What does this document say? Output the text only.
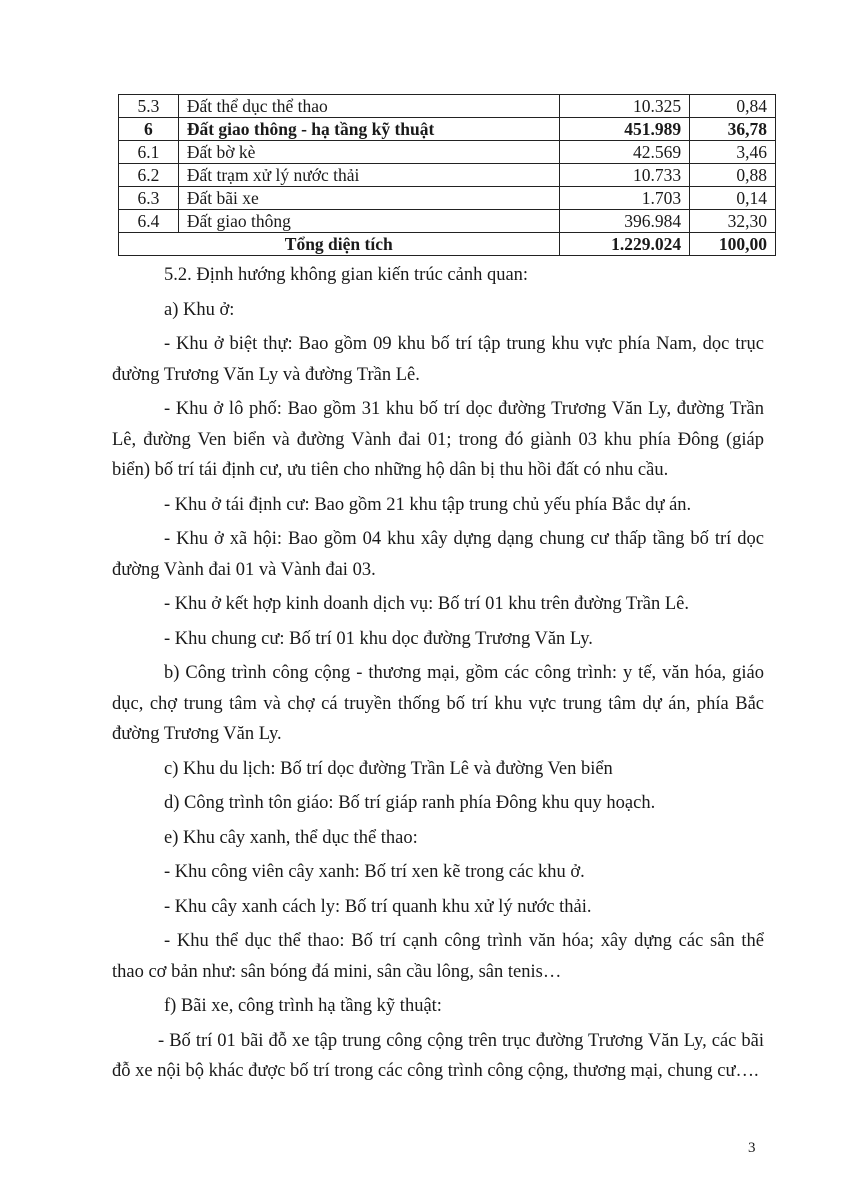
5.3	Đất thể dục thể thao	10.325	0,84
6	Đất giao thông - hạ tầng kỹ thuật	451.989	36,78
6.1	Đất bờ kè	42.569	3,46
6.2	Đất trạm xử lý nước thải	10.733	0,88
6.3	Đất bãi xe	1.703	0,14
6.4	Đất giao thông	396.984	32,30
Tổng diện tích		1.229.024	100,00

5.2. Định hướng không gian kiến trúc cảnh quan:

a) Khu ở:

- Khu ở biệt thự: Bao gồm 09 khu bố trí tập trung khu vực phía Nam, dọc trục đường Trương Văn Ly và đường Trần Lê.

- Khu ở lô phố: Bao gồm 31 khu bố trí dọc đường Trương Văn Ly, đường Trần Lê, đường Ven biển và đường Vành đai 01; trong đó giành 03 khu phía Đông (giáp biển) bố trí tái định cư, ưu tiên cho những hộ dân bị thu hồi đất có nhu cầu.

- Khu ở tái định cư: Bao gồm 21 khu tập trung chủ yếu phía Bắc dự án.

- Khu ở xã hội: Bao gồm 04 khu xây dựng dạng chung cư thấp tầng bố trí dọc đường Vành đai 01 và Vành đai 03.

- Khu ở kết hợp kinh doanh dịch vụ: Bố trí 01 khu trên đường Trần Lê.

- Khu chung cư: Bố trí 01 khu dọc đường Trương Văn Ly.

b) Công trình công cộng - thương mại, gồm các công trình: y tế, văn hóa, giáo dục, chợ trung tâm và chợ cá truyền thống bố trí khu vực trung tâm dự án, phía Bắc đường Trương Văn Ly.

c) Khu du lịch: Bố trí dọc đường Trần Lê và đường Ven biển

d) Công trình tôn giáo: Bố trí giáp ranh phía Đông khu quy hoạch.

e) Khu cây xanh, thể dục thể thao:

- Khu công viên cây xanh: Bố trí xen kẽ trong các khu ở.

- Khu cây xanh cách ly: Bố trí quanh khu xử lý nước thải.

- Khu thể dục thể thao: Bố trí cạnh công trình văn hóa; xây dựng các sân thể thao cơ bản như: sân bóng đá mini, sân cầu lông, sân tenis…

f) Bãi xe, công trình hạ tầng kỹ thuật:

- Bố trí 01 bãi đỗ xe tập trung công cộng trên trục đường Trương Văn Ly, các bãi đỗ xe nội bộ khác được bố trí trong các công trình công cộng, thương mại, chung cư….

3
